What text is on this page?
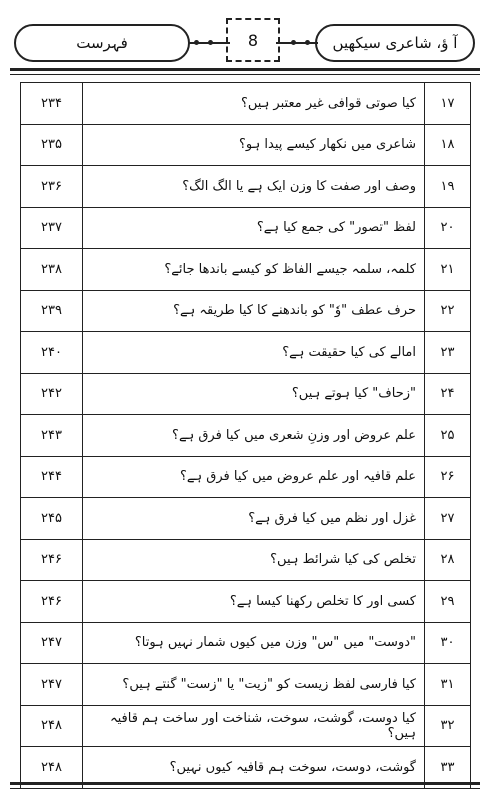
فہرست	8	آ ؤ، شاعری سیکھیں
۱۷	کیا صوتی قوافی غیر معتبر ہیں؟	۲۳۴
۱۸	شاعری میں نکھار کیسے پیدا ہو؟	۲۳۵
۱۹	وصف اور صفت کا وزن ایک ہے یا الگ الگ؟	۲۳۶
۲۰	لفظ "تصور" کی جمع کیا ہے؟	۲۳۷
۲۱	کلمہ، سلمہ جیسے الفاظ کو کیسے باندھا جائے؟	۲۳۸
۲۲	حرف عطف "وٗ" کو باندھنے کا کیا طریقہ ہے؟	۲۳۹
۲۳	امالے کی کیا حقیقت ہے؟	۲۴۰
۲۴	"زحاف" کیا ہوتے ہیں؟	۲۴۲
۲۵	علم عروض اور وزنِ شعری میں کیا فرق ہے؟	۲۴۳
۲۶	علم قافیہ اور علم عروض میں کیا فرق ہے؟	۲۴۴
۲۷	غزل اور نظم میں کیا فرق ہے؟	۲۴۵
۲۸	تخلص کی کیا شرائط ہیں؟	۲۴۶
۲۹	کسی اور کا تخلص رکھنا کیسا ہے؟	۲۴۶
۳۰	"دوست" میں "س" وزن میں کیوں شمار نہیں ہوتا؟	۲۴۷
۳۱	کیا فارسی لفظ زیست کو "زیت" یا "زست" گنتے ہیں؟	۲۴۷
۳۲	کیا دوست، گوشت، سوخت، شناخت اور ساخت ہم قافیہ ہیں؟	۲۴۸
۳۳	گوشت، دوست، سوخت ہم قافیہ کیوں نہیں؟	۲۴۸
